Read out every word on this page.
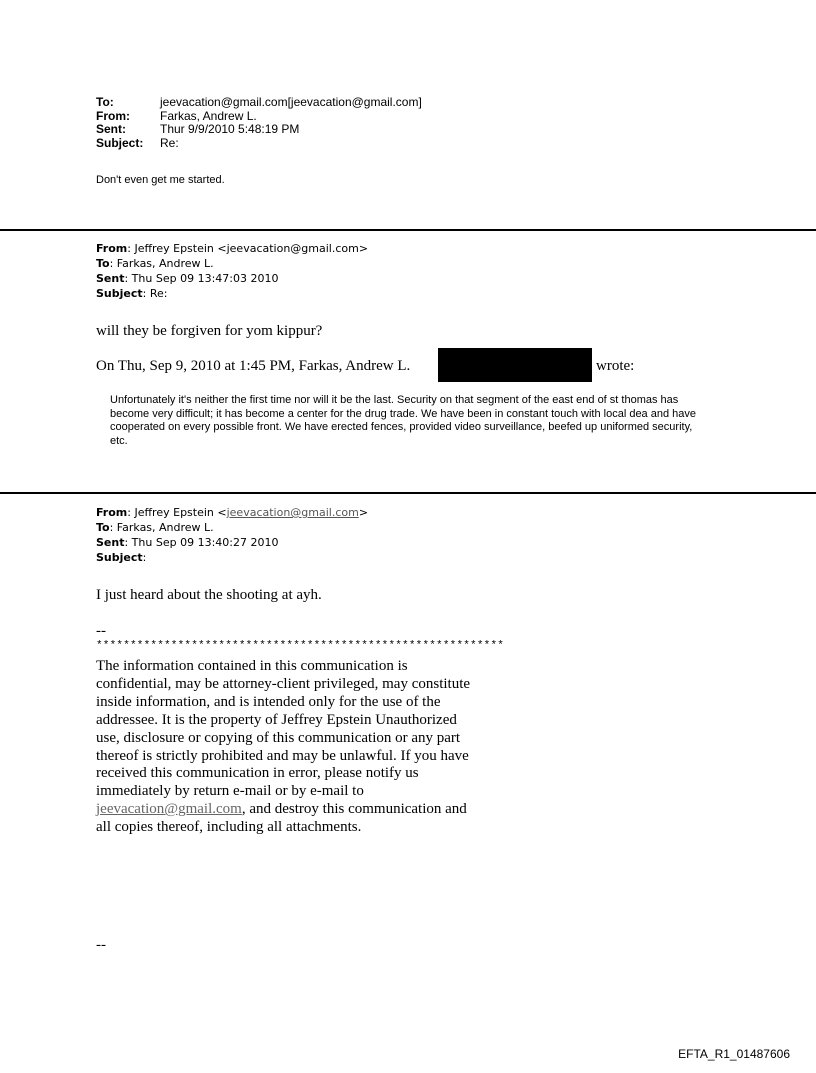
To:	jeevacation@gmail.com[jeevacation@gmail.com]
From:	Farkas, Andrew L.
Sent:	Thur 9/9/2010 5:48:19 PM
Subject:	Re:
Don't even get me started.
From: Jeffrey Epstein <jeevacation@gmail.com>
To: Farkas, Andrew L.
Sent: Thu Sep 09 13:47:03 2010
Subject: Re:
will they be forgiven for yom kippur?
On Thu, Sep 9, 2010 at 1:45 PM, Farkas, Andrew L.	wrote:
Unfortunately it's neither the first time nor will it be the last. Security on that segment of the east end of st thomas has become very difficult; it has become a center for the drug trade. We have been in constant touch with local dea and have cooperated on every possible front. We have erected fences, provided video surveillance, beefed up uniformed security, etc.
From: Jeffrey Epstein <jeevacation@gmail.com>
To: Farkas, Andrew L.
Sent: Thu Sep 09 13:40:27 2010
Subject:
I just heard about the shooting at ayh.
--
************************************************************
The information contained in this communication is confidential, may be attorney-client privileged, may constitute inside information, and is intended only for the use of the addressee. It is the property of Jeffrey Epstein Unauthorized use, disclosure or copying of this communication or any part thereof is strictly prohibited and may be unlawful. If you have received this communication in error, please notify us immediately by return e-mail or by e-mail to jeevacation@gmail.com, and destroy this communication and all copies thereof, including all attachments.
--
EFTA_R1_01487606
